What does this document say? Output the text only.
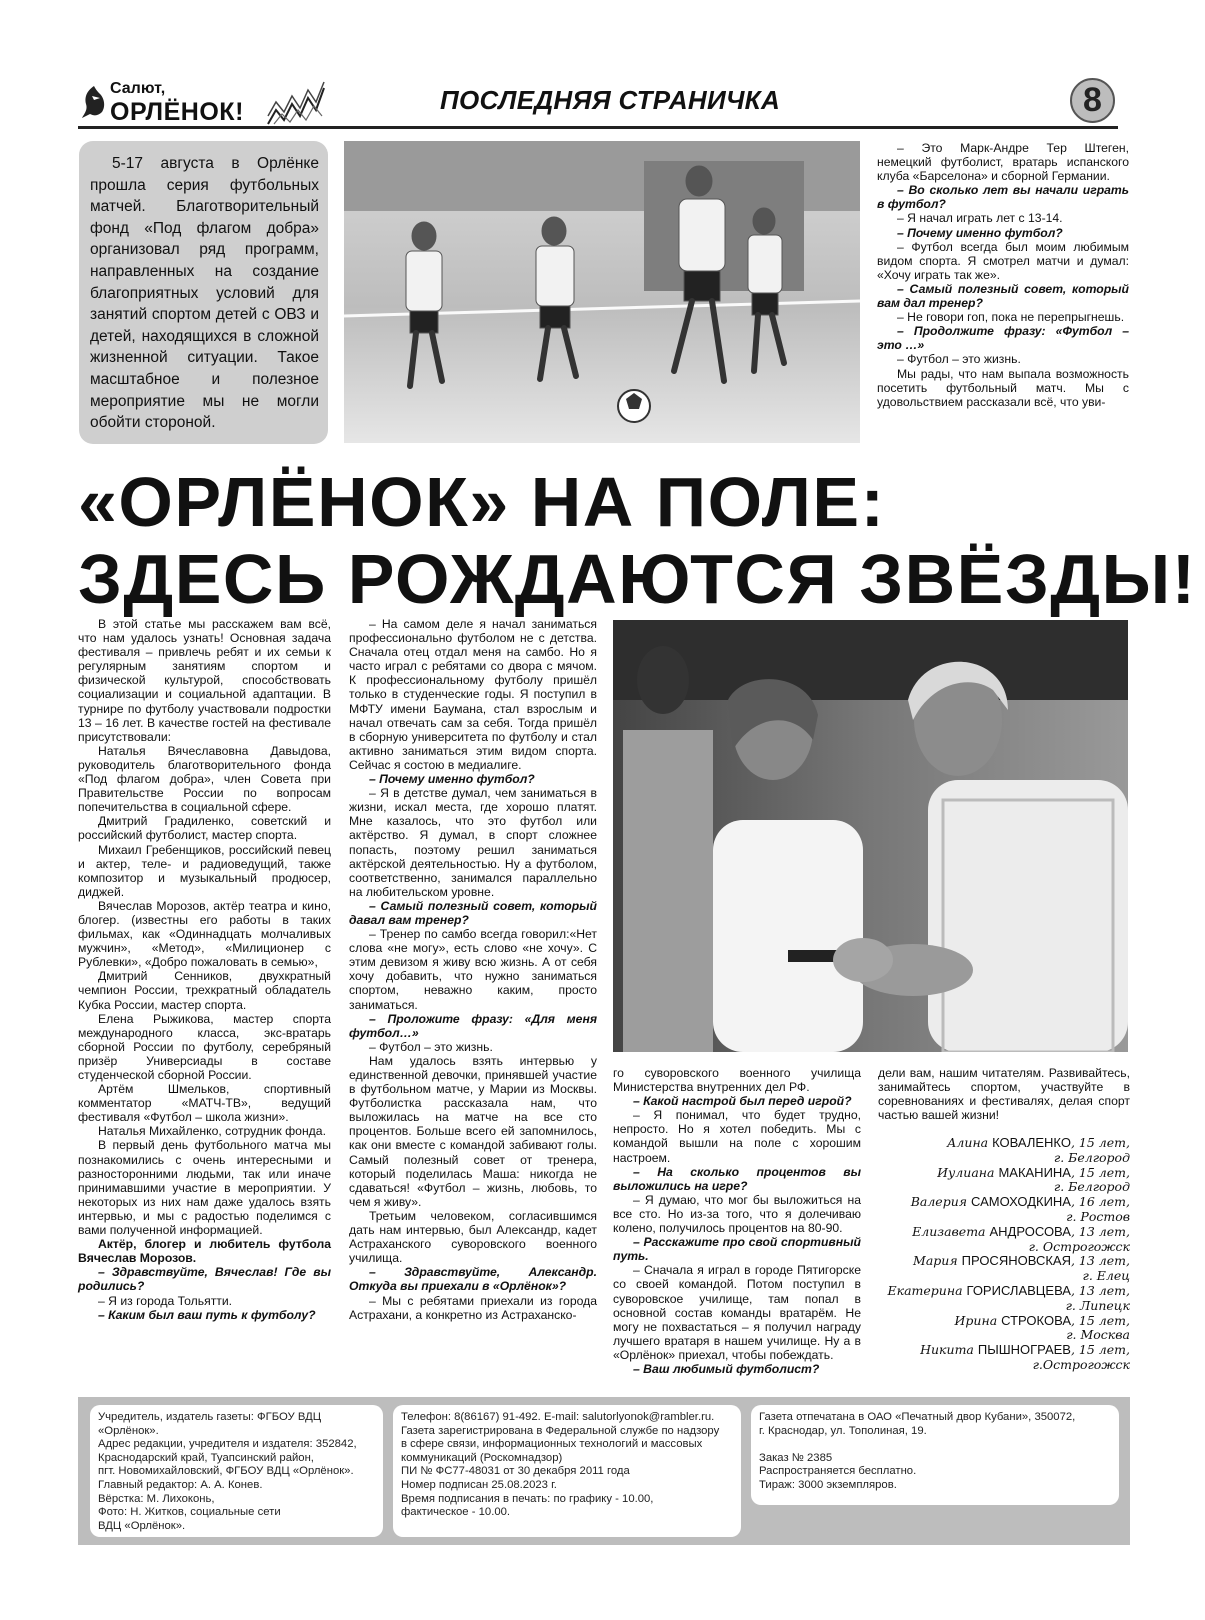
Салют,
ОРЛЁНОК!	ПОСЛЕДНЯЯ СТРАНИЧКА	8
5-17 августа в Орлёнке прошла серия футбольных матчей. Благотворительный фонд «Под флагом добра» организовал ряд программ, направленных на создание благоприятных условий для занятий спортом детей с ОВЗ и детей, находящихся в сложной жизненной ситуации. Такое масштабное и полезное мероприятие мы не могли обойти стороной.

– Это Марк-Андре Тер Штеген, немецкий футболист, вратарь испанского клуба «Барселона» и сборной Германии.

– Во сколько лет вы начали играть в футбол?

– Я начал играть лет с 13-14.

– Почему именно футбол?

– Футбол всегда был моим любимым видом спорта. Я смотрел матчи и думал: «Хочу играть так же».

– Самый полезный совет, который вам дал тренер?

– Не говори гоп, пока не перепрыгнешь.

– Продолжите фразу: «Футбол – это …»

– Футбол – это жизнь.

Мы рады, что нам выпала возможность посетить футбольный матч. Мы с удовольствием рассказали всё, что уви-

«ОРЛЁНОК» НА ПОЛЕ:
ЗДЕСЬ РОЖДАЮТСЯ ЗВЁЗДЫ!

В этой статье мы расскажем вам всё, что нам удалось узнать! Основная задача фестиваля – привлечь ребят и их семьи к регулярным занятиям спортом и физической культурой, способствовать социализации и социальной адаптации. В турнире по футболу участвовали подростки 13 – 16 лет. В качестве гостей на фестивале присутствовали:

Наталья Вячеславовна Давыдова, руководитель благотворительного фонда «Под флагом добра», член Совета при Правительстве России по вопросам попечительства в социальной сфере.

Дмитрий Градиленко, советский и российский футболист, мастер спорта.

Михаил Гребенщиков, российский певец и актер, теле- и радиоведущий, также композитор и музыкальный продюсер, диджей.

Вячеслав Морозов, актёр театра и кино, блогер. (известны его работы в таких фильмах, как «Одиннадцать молчаливых мужчин», «Метод», «Милиционер с Рублевки», «Добро пожаловать в семью»,

Дмитрий Сенников, двухкратный чемпион России, трехкратный обладатель Кубка России, мастер спорта.

Елена Рыжикова, мастер спорта международного класса, экс-вратарь сборной России по футболу, серебряный призёр Универсиады в составе студенческой сборной России.

Артём Шмельков, спортивный комментатор «МАТЧ-ТВ», ведущий фестиваля «Футбол – школа жизни».

Наталья Михайленко, сотрудник фонда.

В первый день футбольного матча мы познакомились с очень интересными и разносторонними людьми, так или иначе принимавшими участие в мероприятии. У некоторых из них нам даже удалось взять интервью, и мы с радостью поделимся с вами полученной информацией.

Актёр, блогер и любитель футбола Вячеслав Морозов.

– Здравствуйте, Вячеслав! Где вы родились?

– Я из города Тольятти.

– Каким был ваш путь к футболу?

– На самом деле я начал заниматься профессионально футболом не с детства. Сначала отец отдал меня на самбо. Но я часто играл с ребятами со двора с мячом. К профессиональному футболу пришёл только в студенческие годы. Я поступил в МФТУ имени Баумана, стал взрослым и начал отвечать сам за себя. Тогда пришёл в сборную университета по футболу и стал активно заниматься этим видом спорта. Сейчас я состою в медиалиге.

– Почему именно футбол?

– Я в детстве думал, чем заниматься в жизни, искал места, где хорошо платят. Мне казалось, что это футбол или актёрство. Я думал, в спорт сложнее попасть, поэтому решил заниматься актёрской деятельностью. Ну а футболом, соответственно, занимался параллельно на любительском уровне.

– Самый полезный совет, который давал вам тренер?

– Тренер по самбо всегда говорил:«Нет слова «не могу», есть слово «не хочу». С этим девизом я живу всю жизнь. А от себя хочу добавить, что нужно заниматься спортом, неважно каким, просто заниматься.

– Проложите фразу: «Для меня футбол…»

– Футбол – это жизнь.

Нам удалось взять интервью у единственной девочки, принявшей участие в футбольном матче, у Марии из Москвы. Футболистка рассказала нам, что выложилась на матче на все сто процентов. Больше всего ей запомнилось, как они вместе с командой забивают голы. Самый полезный совет от тренера, который поделилась Маша: никогда не сдаваться! «Футбол – жизнь, любовь, то чем я живу».

Третьим человеком, согласившимся дать нам интервью, был Александр, кадет Астраханского суворовского военного училища.

– Здравствуйте, Александр. Откуда вы приехали в «Орлёнок»?

– Мы с ребятами приехали из города Астрахани, а конкретно из Астраханско-

го суворовского военного училища Министерства внутренних дел РФ.

– Какой настрой был перед игрой?

– Я понимал, что будет трудно, непросто. Но я хотел победить. Мы с командой вышли на поле с хорошим настроем.

– На сколько процентов вы выложились на игре?

– Я думаю, что мог бы выложиться на все сто. Но из-за того, что я долечиваю колено, получилось процентов на 80-90.

– Расскажите про свой спортивный путь.

– Сначала я играл в городе Пятигорске со своей командой. Потом поступил в суворовское училище, там попал в основной состав команды вратарём. Не могу не похвастаться – я получил награду лучшего вратаря в нашем училище. Ну а в «Орлёнок» приехал, чтобы побеждать.

– Ваш любимый футболист?

дели вам, нашим читателям. Развивайтесь, занимайтесь спортом, участвуйте в соревнованиях и фестивалях, делая спорт частью вашей жизни!

Алина КОВАЛЕНКО, 15 лет,
г. Белгород
Иулиана МАКАНИНА, 15 лет,
г. Белгород
Валерия САМОХОДКИНА, 16 лет,
г. Ростов
Елизавета АНДРОСОВА, 13 лет,
г. Острогожск
Мария ПРОСЯНОВСКАЯ, 13 лет,
г. Елец
Екатерина ГОРИСЛАВЦЕВА, 13 лет,
г. Липецк
Ирина СТРОКОВА, 15 лет,
г. Москва
Никита ПЫШНОГРАЕВ, 15 лет,
г.Острогожск
Учредитель, издатель газеты: ФГБОУ ВДЦ «Орлёнок».
Адрес редакции, учредителя и издателя: 352842,
Краснодарский край, Туапсинский район,
пгт. Новомихайловский, ФГБОУ ВДЦ «Орлёнок».
Главный редактор: А. А. Конев.
Вёрстка: М. Лихоконь,
Фото: Н. Житков, социальные сети
ВДЦ «Орлёнок».
Телефон: 8(86167) 91-492. E-mail: salutorlyonok@rambler.ru.
Газета зарегистрирована в Федеральной службе по надзору
в сфере связи, информационных технологий и массовых
коммуникаций (Роскомнадзор)
ПИ № ФС77-48031 от 30 декабря 2011 года
Номер подписан 25.08.2023 г.
Время подписания в печать: по графику - 10.00,
фактическое - 10.00.
Газета отпечатана в ОАО «Печатный двор Кубани», 350072,
г. Краснодар, ул. Тополиная, 19.

Заказ № 2385
Распространяется бесплатно.
Тираж: 3000 экземпляров.
